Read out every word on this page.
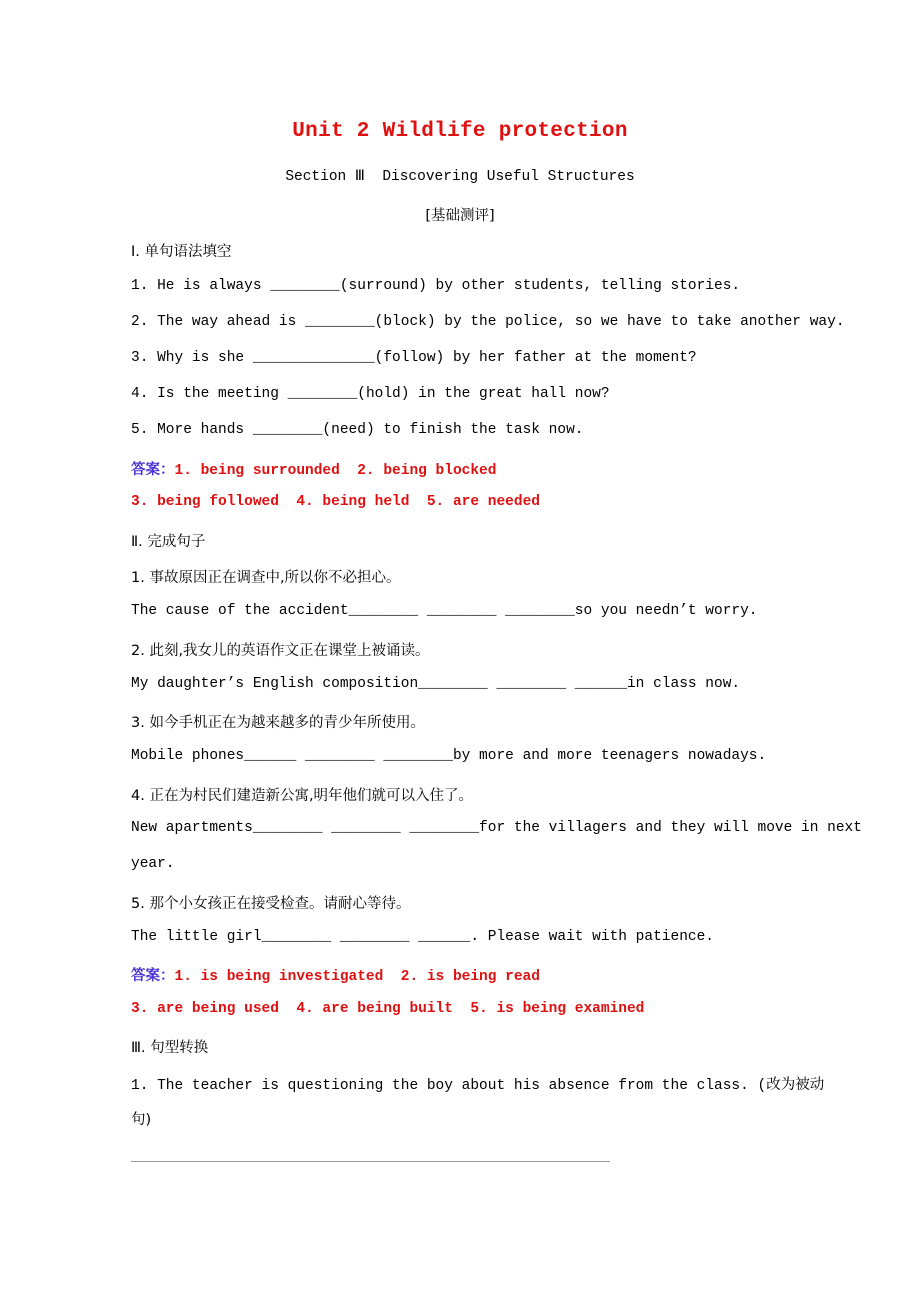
Unit 2 Wildlife protection
Section Ⅲ  Discovering Useful Structures
[基础测评]
Ⅰ. 单句语法填空
1. He is always ________(surround) by other students, telling stories.
2. The way ahead is ________(block) by the police, so we have to take another way.
3. Why is she ______________(follow) by her father at the moment?
4. Is the meeting ________(hold) in the great hall now?
5. More hands ________(need) to finish the task now.
答案：1. being surrounded  2. being blocked
3. being followed  4. being held  5. are needed
Ⅱ. 完成句子
1. 事故原因正在调查中,所以你不必担心。
The cause of the accident________ ________ ________so you needn’t worry.
2. 此刻,我女儿的英语作文正在课堂上被诵读。
My daughter’s English composition________ ________ ______in class now.
3. 如今手机正在为越来越多的青少年所使用。
Mobile phones______ ________ ________by more and more teenagers nowadays.
4. 正在为村民们建造新公寓,明年他们就可以入住了。
New apartments________ ________ ________for the villagers and they will move in next
year.
5. 那个小女孩正在接受检查。请耐心等待。
The little girl________ ________ ______. Please wait with patience.
答案：1. is being investigated  2. is being read
3. are being used  4. are being built  5. is being examined
Ⅲ. 句型转换
1. The teacher is questioning the boy about his absence from the class. (改为被动
句)
